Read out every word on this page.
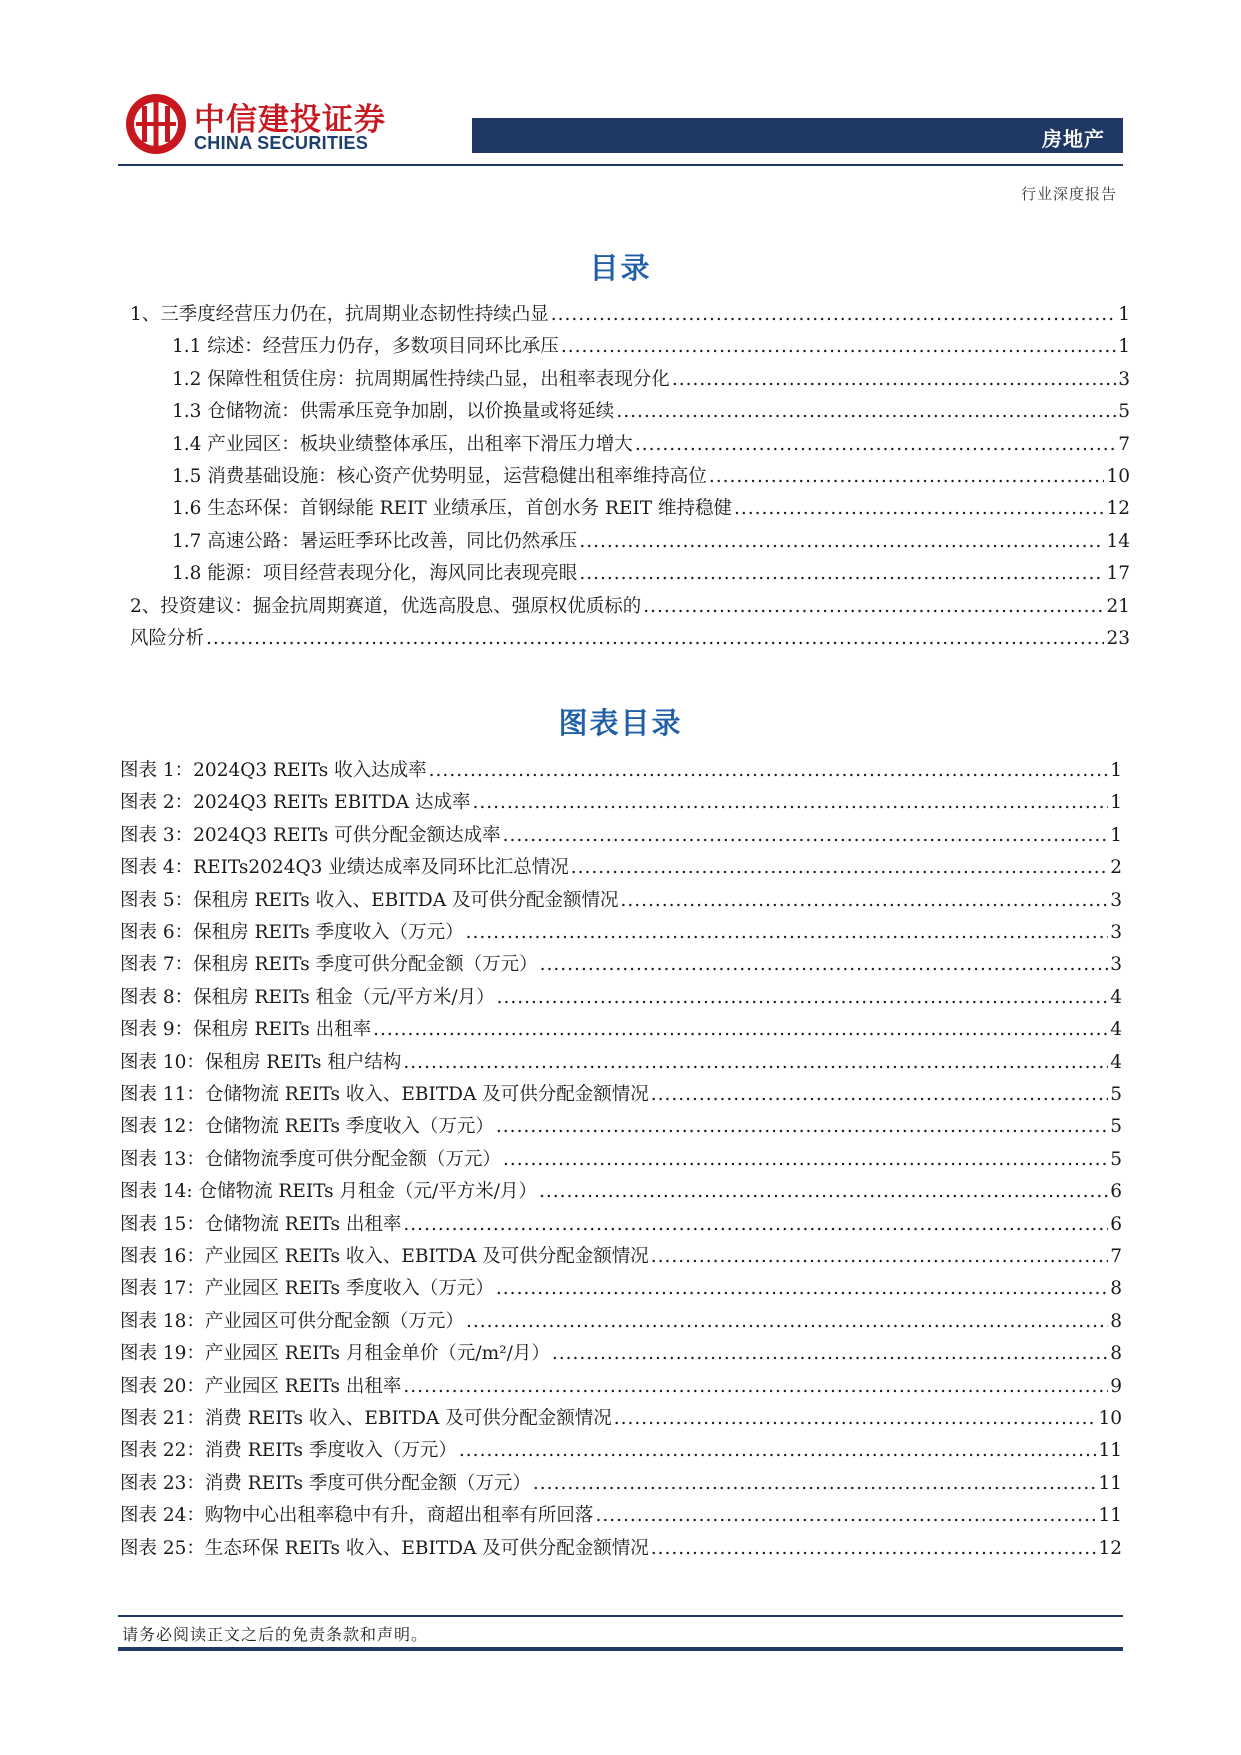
中信建投证券
CHINA SECURITIES	房地产
行业深度报告
目录
1、三季度经营压力仍在，抗周期业态韧性持续凸显 .....	1
1.1 综述：经营压力仍存，多数项目同环比承压 .....	1
1.2 保障性租赁住房：抗周期属性持续凸显，出租率表现分化 .....	3
1.3 仓储物流：供需承压竞争加剧，以价换量或将延续 .....	5
1.4 产业园区：板块业绩整体承压，出租率下滑压力增大 .....	7
1.5 消费基础设施：核心资产优势明显，运营稳健出租率维持高位 .....	10
1.6 生态环保：首钢绿能 REIT 业绩承压，首创水务 REIT 维持稳健 .....	12
1.7 高速公路：暑运旺季环比改善，同比仍然承压 .....	14
1.8 能源：项目经营表现分化，海风同比表现亮眼 .....	17
2、投资建议：掘金抗周期赛道，优选高股息、强原权优质标的 .....	21
风险分析 .....	23
图表目录
图表 1：2024Q3 REITs 收入达成率 .....	1
图表 2：2024Q3 REITs EBITDA 达成率 .....	1
图表 3：2024Q3 REITs 可供分配金额达成率 .....	1
图表 4：REITs2024Q3 业绩达成率及同环比汇总情况 .....	2
图表 5：保租房 REITs 收入、EBITDA 及可供分配金额情况 .....	3
图表 6：保租房 REITs 季度收入（万元） .....	3
图表 7：保租房 REITs 季度可供分配金额（万元） .....	3
图表 8：保租房 REITs 租金（元/平方米/月） .....	4
图表 9：保租房 REITs 出租率 .....	4
图表 10：保租房 REITs 租户结构 .....	4
图表 11：仓储物流 REITs 收入、EBITDA 及可供分配金额情况 .....	5
图表 12：仓储物流 REITs 季度收入（万元） .....	5
图表 13：仓储物流季度可供分配金额（万元） .....	5
图表 14: 仓储物流 REITs 月租金（元/平方米/月） .....	6
图表 15：仓储物流 REITs 出租率 .....	6
图表 16：产业园区 REITs 收入、EBITDA 及可供分配金额情况 .....	7
图表 17：产业园区 REITs 季度收入（万元） .....	8
图表 18：产业园区可供分配金额（万元） .....	8
图表 19：产业园区 REITs 月租金单价（元/m²/月） .....	8
图表 20：产业园区 REITs 出租率 .....	9
图表 21：消费 REITs 收入、EBITDA 及可供分配金额情况 .....	10
图表 22：消费 REITs 季度收入（万元） .....	11
图表 23：消费 REITs 季度可供分配金额（万元） .....	11
图表 24：购物中心出租率稳中有升，商超出租率有所回落 .....	11
图表 25：生态环保 REITs 收入、EBITDA 及可供分配金额情况 .....	12
请务必阅读正文之后的免责条款和声明。
